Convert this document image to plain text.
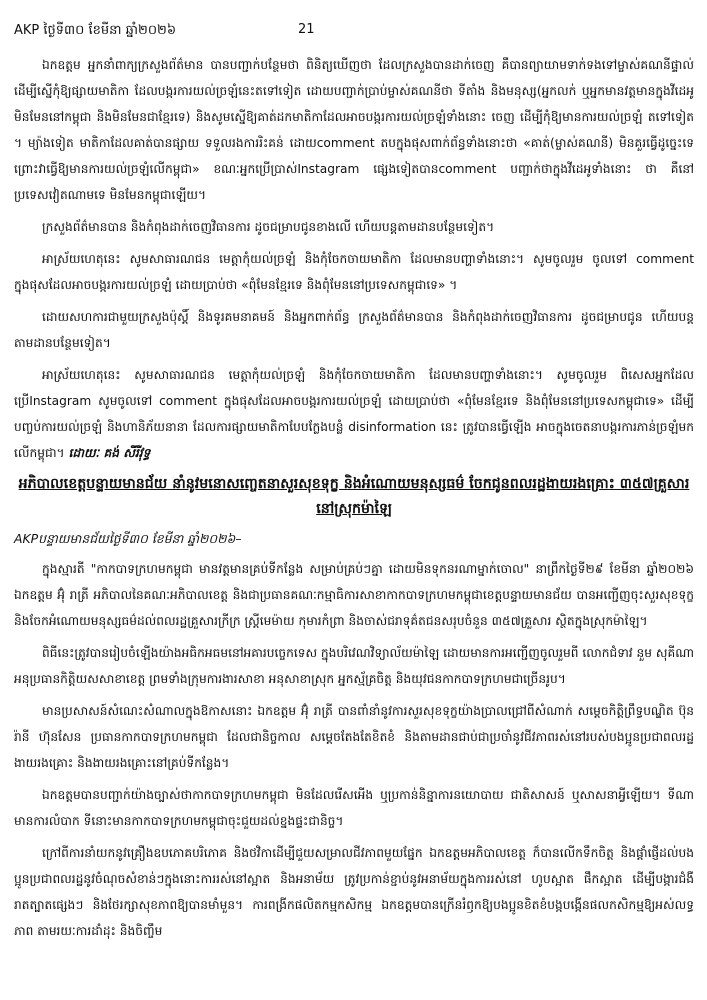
AKP ថ្ងៃទី៣០ ខែមីនា ឆ្នាំ២០២៦	21

ឯកឧត្តម អ្នកនាំពាក្យក្រសួងព័ត៌មាន បានបញ្ជាក់បន្ថែមថា ពិនិត្យឃើញថា ដែលក្រសួងបានដាក់ចេញ គឺបានព្យាយាមទាក់ទងទៅម្ចាស់គណនីផ្ទាល់ ដើម្បីស្នើកុំឱ្យផ្សាយមាតិកា ដែលបង្ករការយល់ច្រឡំនេះតទៅទៀត ដោយបញ្ជាក់ប្រាប់ម្ចាស់គណនីថា ទីតាំង និងមនុស្ស(អ្នកលក់ ឬអ្នកមានវត្តមានក្នុងវីដេអូ មិនមែននៅកម្ពុជា និងមិនមែនជាខ្មែរទេ) និងសូមស្នើឱ្យគាត់ដកមាតិកាដែលអាចបង្ករការយល់ច្រឡំទាំងនោះ ចេញ ដើម្បីកុំឱ្យមានការយល់ច្រឡំ តទៅទៀត ។ ម្យ៉ាងទៀត មាតិកាដែលគាត់បានផ្សាយ ទទួលរងការរិះគន់ ដោយcomment តបក្នុងផុសពាក់ព័ន្ធទាំងនោះថា «គាត់(ម្ចាស់គណនី) មិនគួរធ្វើដូច្នេះទេ ព្រោះវាធ្វើឱ្យមានការយល់ច្រឡំលើកម្ពុជា» ខណៈអ្នកប្រើប្រាស់Instagram ផ្សេងទៀតបានcomment បញ្ជាក់ថាក្នុងវីដេអូទាំងនោះ ថា គឺនៅប្រទេសវៀតណាមទេ មិនមែនកម្ពុជាឡើយ។

ក្រសួងព័ត៌មានបាន និងកំពុងដាក់ចេញវិធានការ ដូចជម្រាបជូនខាងលើ ហើយបន្តតាមដានបន្ថែមទៀត។

អាស្រ័យហេតុនេះ សូមសាធារណជន មេត្តាកុំយល់ច្រឡំ និងកុំចែកចាយមាតិកា ដែលមានបញ្ហាទាំងនោះ។ សូមចូលរួម ចូលទៅ comment ក្នុងផុសដែលអាចបង្ករការយល់ច្រឡំ ដោយប្រាប់ថា «ពុំមែនខ្មែរទេ និងពុំមែននៅប្រទេសកម្ពុជាទេ» ។

ដោយសហការជាមួយក្រសួងប៉ុស្តិ៍ និងទូរគមនាគមន៍ និងអ្នកពាក់ព័ន្ធ ក្រសួងព័ត៌មានបាន និងកំពុងដាក់ចេញវិធានការ ដូចជម្រាបជូន ហើយបន្តតាមដានបន្ថែមទៀត។

អាស្រ័យហេតុនេះ សូមសាធារណជន មេត្តាកុំយល់ច្រឡំ និងកុំចែកចាយមាតិកា ដែលមានបញ្ហាទាំងនោះ។ សូមចូលរួម ពិសេសអ្នកដែលប្រើInstagram សូមចូលទៅ comment ក្នុងផុសដែលអាចបង្ករការយល់ច្រឡំ ដោយប្រាប់ថា «ពុំមែនខ្មែរទេ និងពុំមែននៅប្រទេសកម្ពុជាទេ» ដើម្បីបញ្ចប់ការយល់ច្រឡំ និងហានិភ័យនានា ដែលការផ្សាយមាតិកាបែបក្លែងបន្លំ disinformation នេះ ត្រូវបានធ្វើឡើង អាចក្នុងចេតនាបង្ករការភាន់ច្រឡំមកលើកម្ពុជា។ ដោយៈ គង់ សីរីវុទ្ធ

អភិបាលខេត្តបន្ទាយមានជ័យ នាំនូវមនោសញ្ចេតនាសួរសុខទុក្ខ និងអំណោយមនុស្សធម៌ ចែកជូនពលរដ្ឋងាយរងគ្រោះ ៣៥៧គ្រួសារ នៅស្រុកម៉ាឡៃ
AKPបន្ទាយមានជ័យថ្ងៃទី៣០ ខែមីនា ឆ្នាំ២០២៦–

ក្នុងស្មារតី "កាកបាទក្រហមកម្ពុជា មានវត្តមានគ្រប់ទីកន្លែង សម្រាប់គ្រប់ៗគ្នា ដោយមិនទុកនរណាម្នាក់ចោល" នាព្រឹកថ្ងៃទី២៩ ខែមីនា ឆ្នាំ២០២៦ ឯកឧត្តម អ៊ុំ រាត្រី អភិបាលនៃគណៈអភិបាលខេត្ត និងជាប្រធានគណៈកម្មាធិការសាខាកាកបាទក្រហមកម្ពុជាខេត្តបន្ទាយមានជ័យ បានអញ្ជើញចុះសួរសុខទុក្ខ និងចែកអំណោយមនុស្សធម៌ដល់ពលរដ្ឋគ្រួសារក្រីក្រ ស្ត្រីមេម៉ាយ កុមារកំព្រា និងចាស់ជរាទុគ៌តជនសរុបចំនួន ៣៥៧គ្រួសារ ស្ថិតក្នុងស្រុកម៉ាឡៃ។

ពិធីនេះត្រូវបានរៀបចំឡើងយ៉ាងអធិកអធមនៅអគារបច្ចេកទេស ក្នុងបរិវេណវិទ្យាល័យម៉ាឡៃ ដោយមានការអញ្ជើញចូលរួមពី លោកជំទាវ នួម សុគីណា អនុប្រធានកិត្តិយសសាខាខេត្ត ព្រមទាំងក្រុមការងារសាខា អនុសាខាស្រុក អ្នកស្ម័គ្រចិត្ត និងយុវជនកាកបាទក្រហមជាច្រើនរូប។

មានប្រសាសន៍សំណេះសំណាលក្នុងឱកាសនោះ ឯកឧត្តម អ៊ុំ រាត្រី បានពាំនាំនូវការសួរសុខទុក្ខយ៉ាងប្រាលជ្រៅពីសំណាក់ សម្តេចកិត្តិព្រឹទ្ធបណ្ឌិត ប៊ុន រ៉ានី ហ៊ុនសែន ប្រធានកាកបាទក្រហមកម្ពុជា ដែលជានិច្ចកាល សម្តេចតែងតែខិតខំ និងតាមដានជាប់ជាប្រចាំនូវជីវភាពរស់នៅរបស់បងប្អូនប្រជាពលរដ្ឋងាយរងគ្រោះ និងងាយរងគ្រោះនៅគ្រប់ទីកន្លែង។

ឯកឧត្តមបានបញ្ជាក់យ៉ាងច្បាស់ថាកាកបាទក្រហមកម្ពុជា មិនដែលរើសអើង ឬប្រកាន់និន្នាការនយោបាយ ជាតិសាសន៍ ឬសាសនាអ្វីឡើយ។ ទីណាមានការលំបាក ទីនោះមានកាកបាទក្រហមកម្ពុជាចុះជួយដល់ខ្នងផ្ទះជានិច្ច។

ក្រៅពីការនាំយកនូវគ្រឿងឧបភោគបរិភោគ និងថវិកាដើម្បីជួយសម្រាលជីវភាពមួយផ្នែក ឯកឧត្តមអភិបាលខេត្ត ក៏បានលើកទឹកចិត្ត និងផ្តាំផ្ញើដល់បងប្អូនប្រជាពលរដ្ឋនូវចំណុចសំខាន់ៗក្នុងនោះការរស់នៅស្អាត និងអនាម័យ ត្រូវប្រកាន់ខ្ជាប់នូវអនាម័យក្នុងការរស់នៅ ហូបស្អាត ផឹកស្អាត ដើម្បីបង្ការជំងឺរាតត្បាតផ្សេងៗ និងថែរក្សាសុខភាពឱ្យបានមាំមួន។ ការពង្រីកផលិតកម្មកសិកម្ម ឯកឧត្តមបានក្រើនរំឭកឱ្យបងប្អូនខិតខំបង្កបង្កើនផលកសិកម្មឱ្យអស់លទ្ធភាព តាមរយៈការដាំដុះ និងចិញ្ចឹម
